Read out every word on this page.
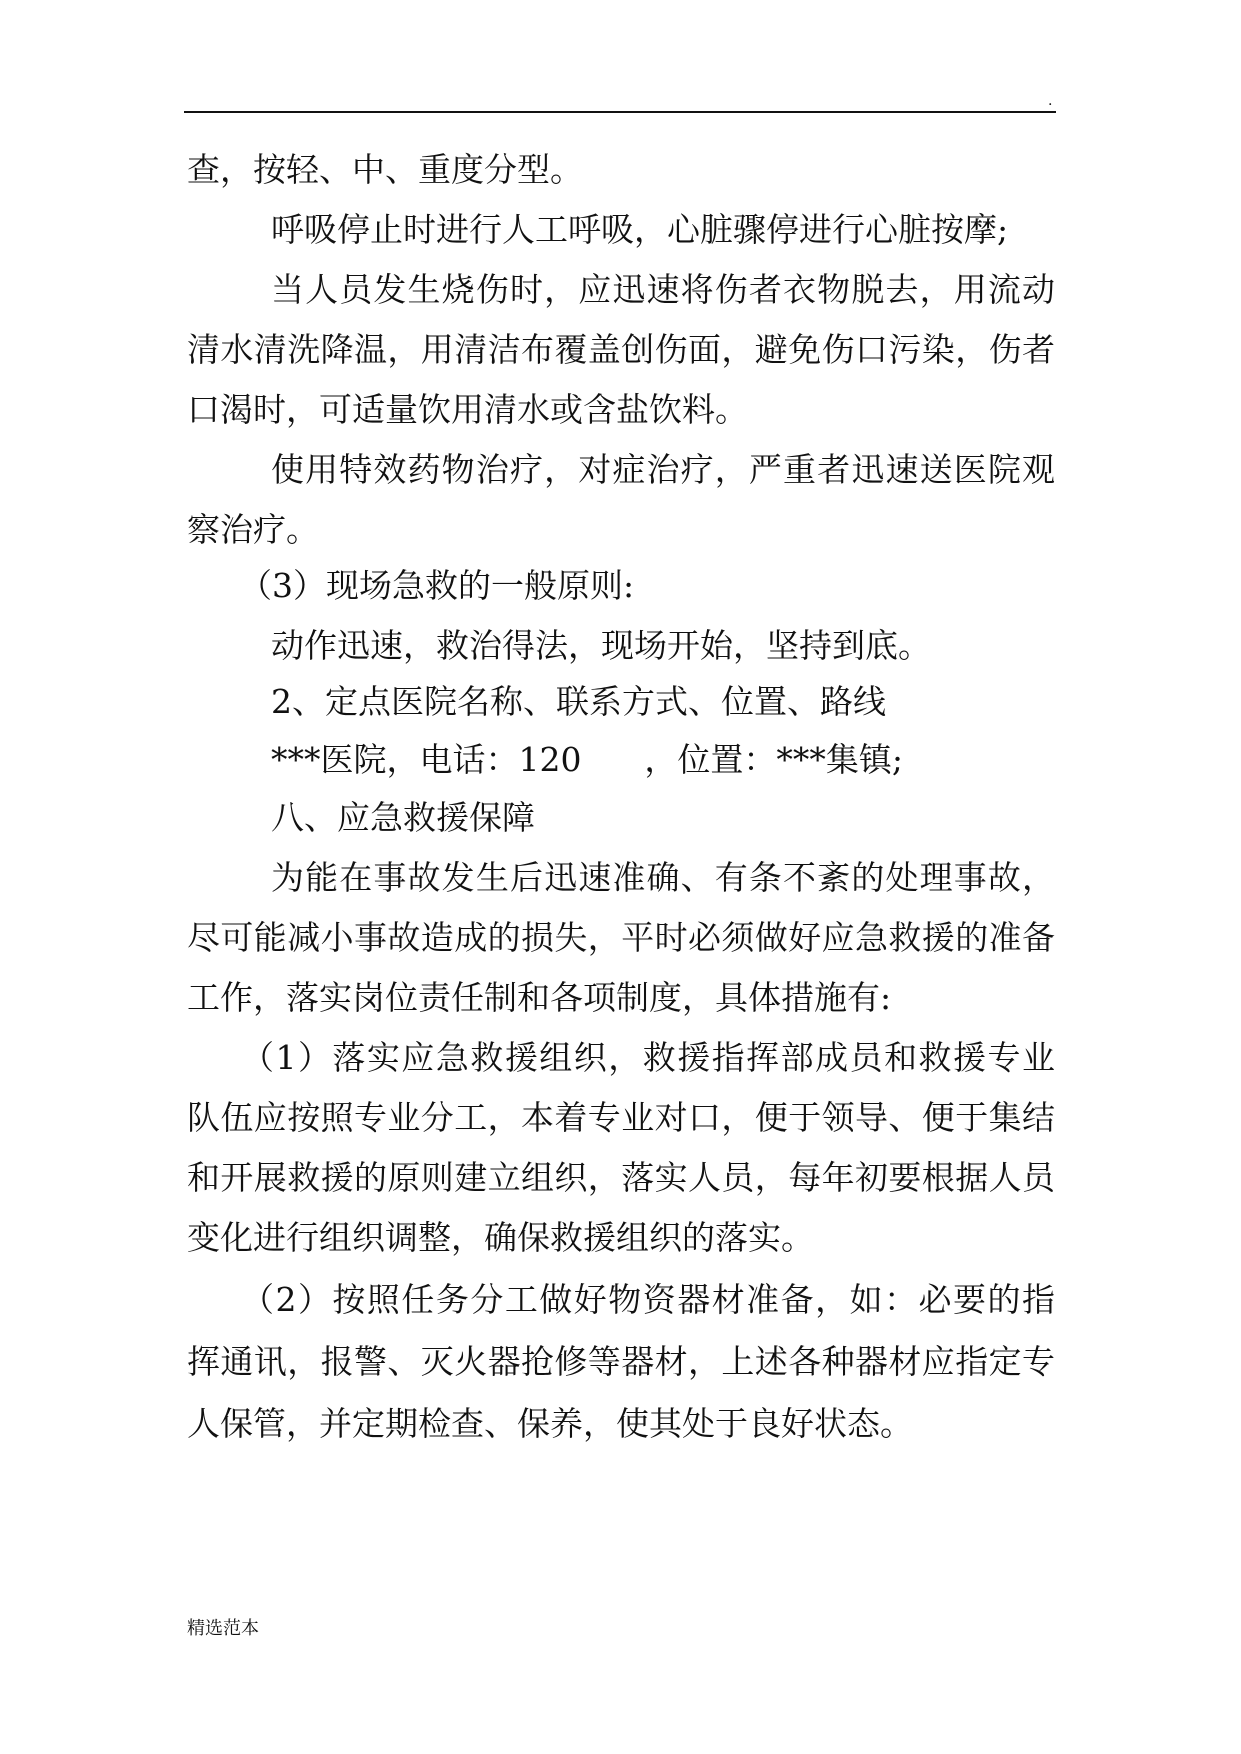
.
查，按轻、中、重度分型。
呼吸停止时进行人工呼吸，心脏骤停进行心脏按摩;
当人员发生烧伤时，应迅速将伤者衣物脱去，用流动
清水清洗降温，用清洁布覆盖创伤面，避免伤口污染，伤者
口渴时，可适量饮用清水或含盐饮料。
使用特效药物治疗，对症治疗，严重者迅速送医院观
察治疗。
（3）现场急救的一般原则:
动作迅速，救治得法，现场开始，坚持到底。
2、定点医院名称、联系方式、位置、路线
***医院，电话：120      ，位置：***集镇;
八、应急救援保障
为能在事故发生后迅速准确、有条不紊的处理事故，
尽可能减小事故造成的损失，平时必须做好应急救援的准备
工作，落实岗位责任制和各项制度，具体措施有:
（1）落实应急救援组织，救援指挥部成员和救援专业
队伍应按照专业分工，本着专业对口，便于领导、便于集结
和开展救援的原则建立组织，落实人员，每年初要根据人员
变化进行组织调整，确保救援组织的落实。
（2）按照任务分工做好物资器材准备，如：必要的指
挥通讯，报警、灭火器抢修等器材，上述各种器材应指定专
人保管，并定期检查、保养，使其处于良好状态。
精选范本
